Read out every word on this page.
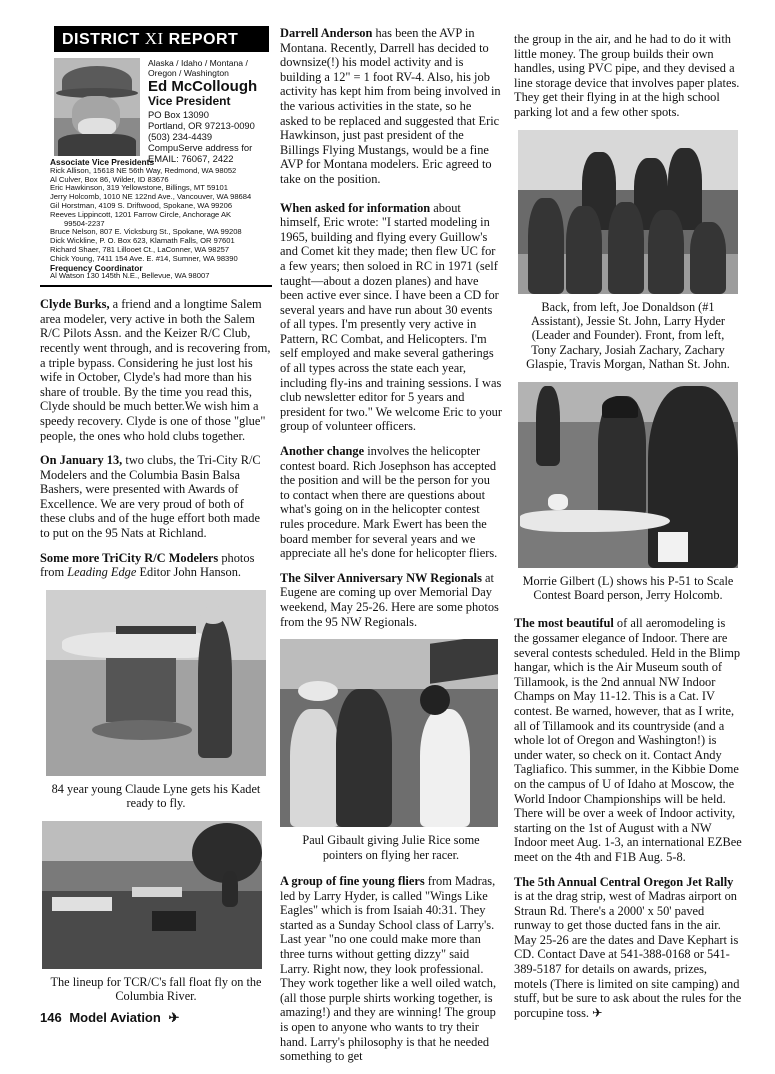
DISTRICT XI REPORT
Alaska / Idaho / Montana / Oregon / Washington
Ed McCollough
Vice President
PO Box 13090
Portland, OR 97213-0090
(503) 234-4439
CompuServe address for
EMAIL: 76067, 2422
Associate Vice Presidents
Rick Allison, 15618 NE 56th Way, Redmond, WA 98052
Al Culver, Box 86, Wilder, ID 83676
Eric Hawkinson, 319 Yellowstone, Billings, MT 59101
Jerry Holcomb, 1010 NE 122nd Ave., Vancouver, WA 98684
Gil Horstman, 4109 S. Driftwood, Spokane, WA 99206
Reeves Lippincott, 1201 Farrow Circle, Anchorage AK
99504-2237
Bruce Nelson, 807 E. Vicksburg St., Spokane, WA 99208
Dick Wickline, P. O. Box 623, Klamath Falls, OR 97601
Richard Shaer, 781 Lillooet Ct., LaConner, WA 98257
Chick Young, 7411 154 Ave. E. #14, Sumner, WA 98390
Frequency Coordinator
Al Watson 130 145th N.E., Bellevue, WA 98007

Clyde Burks, a friend and a longtime Salem area modeler, very active in both the Salem R/C Pilots Assn. and the Keizer R/C Club, recently went through, and is recovering from, a triple bypass. Considering he just lost his wife in October, Clyde's had more than his share of trouble. By the time you read this, Clyde should be much better.We wish him a speedy recovery. Clyde is one of those "glue" people, the ones who hold clubs together.

On January 13, two clubs, the Tri-City R/C Modelers and the Columbia Basin Balsa Bashers, were presented with Awards of Excellence. We are very proud of both of these clubs and of the huge effort both made to put on the 95 Nats at Richland.

Some more TriCity R/C Modelers photos from Leading Edge Editor John Hanson.

84 year young Claude Lyne gets his Kadet ready to fly.
The lineup for TCR/C's fall float fly on the Columbia River.

Darrell Anderson has been the AVP in Montana. Recently, Darrell has decided to downsize(!) his model activity and is building a 12" = 1 foot RV-4. Also, his job activity has kept him from being involved in the various activities in the state, so he asked to be replaced and suggested that Eric Hawkinson, just past president of the Billings Flying Mustangs, would be a fine AVP for Montana modelers. Eric agreed to take on the position.

When asked for information about himself, Eric wrote: "I started modeling in 1965, building and flying every Guillow's and Comet kit they made; then flew UC for a few years; then soloed in RC in 1971 (self taught—about a dozen planes) and have been active ever since. I have been a CD for several years and have run about 30 events of all types. I'm presently very active in Pattern, RC Combat, and Helicopters. I'm self employed and make several gatherings of all types across the state each year, including fly-ins and training sessions. I was club newsletter editor for 5 years and president for two." We welcome Eric to your group of volunteer officers.

Another change involves the helicopter contest board. Rich Josephson has accepted the position and will be the person for you to contact when there are questions about what's going on in the helicopter contest rules procedure. Mark Ewert has been the board member for several years and we appreciate all he's done for helicopter fliers.

The Silver Anniversary NW Regionals at Eugene are coming up over Memorial Day weekend, May 25-26. Here are some photos from the 95 NW Regionals.

Paul Gibault giving Julie Rice some pointers on flying her racer.

A group of fine young fliers from Madras, led by Larry Hyder, is called "Wings Like Eagles" which is from Isaiah 40:31. They started as a Sunday School class of Larry's. Last year "no one could make more than three turns without getting dizzy" said Larry. Right now, they look professional. They work together like a well oiled watch, (all those purple shirts working together, is amazing!) and they are winning! The group is open to anyone who wants to try their hand. Larry's philosophy is that he needed something to get

the group in the air, and he had to do it with little money. The group builds their own handles, using PVC pipe, and they devised a line storage device that involves paper plates. They get their flying in at the high school parking lot and a few other spots.

Back, from left, Joe Donaldson (#1 Assistant), Jessie St. John, Larry Hyder (Leader and Founder). Front, from left, Tony Zachary, Josiah Zachary, Zachary Glaspie, Travis Morgan, Nathan St. John.
Morrie Gilbert (L) shows his P-51 to Scale Contest Board person, Jerry Holcomb.

The most beautiful of all aeromodeling is the gossamer elegance of Indoor. There are several contests scheduled. Held in the Blimp hangar, which is the Air Museum south of Tillamook, is the 2nd annual NW Indoor Champs on May 11-12. This is a Cat. IV contest. Be warned, however, that as I write, all of Tillamook and its countryside (and a whole lot of Oregon and Washington!) is under water, so check on it. Contact Andy Tagliafico. This summer, in the Kibbie Dome on the campus of U of Idaho at Moscow, the World Indoor Championships will be held. There will be over a week of Indoor activity, starting on the 1st of August with a NW Indoor meet Aug. 1-3, an international EZBee meet on the 4th and F1B Aug. 5-8.

The 5th Annual Central Oregon Jet Rally is at the drag strip, west of Madras airport on Straun Rd. There's a 2000' x 50' paved runway to get those ducted fans in the air. May 25-26 are the dates and Dave Kephart is CD. Contact Dave at 541-388-0168 or 541-389-5187 for details on awards, prizes, motels (There is limited on site camping) and stuff, but be sure to ask about the rules for the porcupine toss. ✈

146 Model Aviation ✈
